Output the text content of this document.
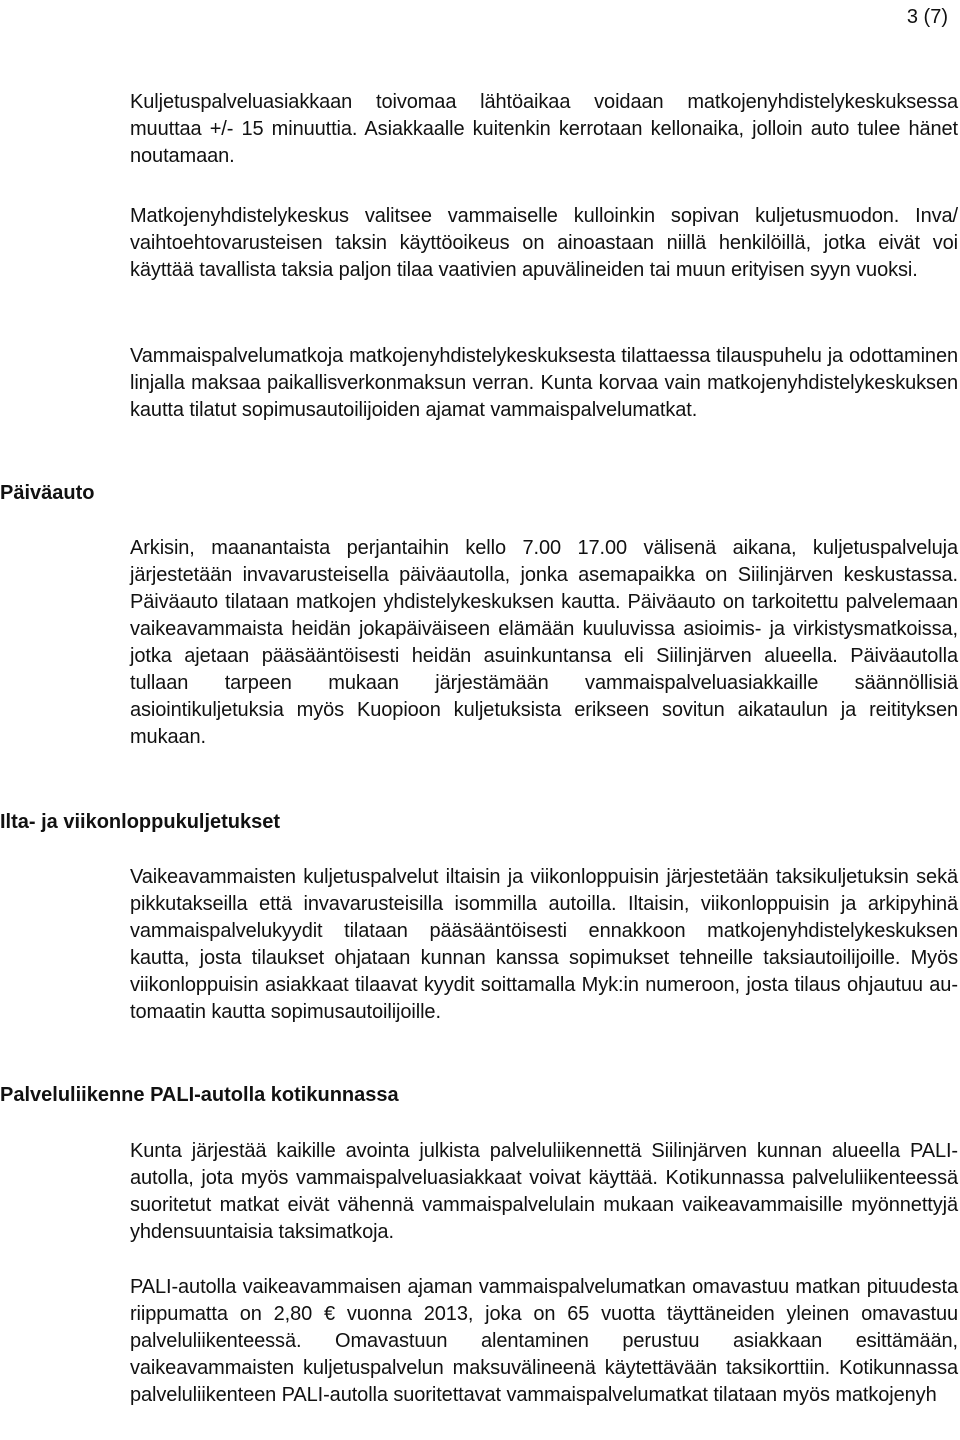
3 (7)

Kuljetuspalveluasiakkaan toivomaa lähtöaikaa voidaan matkojenyhdistelykeskuksessa muuttaa +/- 15 minuuttia. Asiakkaalle kuitenkin kerrotaan kellonaika, jolloin auto tulee hänet noutamaan.

Matkojenyhdistelykeskus valitsee vammaiselle kulloinkin sopivan kuljetusmuodon. Inva/ vaihtoehtovarusteisen taksin käyttöoikeus on ainoastaan niillä henkilöillä, jotka eivät voi käyttää tavallista taksia paljon tilaa vaativien apuvälineiden tai muun erityisen syyn vuoksi.

Vammaispalvelumatkoja matkojenyhdistelykeskuksesta tilattaessa tilauspuhelu ja odottaminen linjalla maksaa paikallisverkonmaksun verran. Kunta korvaa vain matkojenyhdistelykeskuksen kautta tilatut sopimusautoilijoiden ajamat vammaispalvelumatkat.

Päiväauto

Arkisin, maanantaista perjantaihin kello 7.00 17.00 välisenä aikana, kuljetuspalveluja järjestetään invavarusteisella päiväautolla, jonka asemapaikka on Siilinjärven keskustassa. Päiväauto tilataan matkojen yhdistelykeskuksen kautta. Päiväauto on tarkoitettu palvelemaan vaikeavammaista heidän jokapäiväiseen elämään kuuluvissa asioimis- ja virkistysmatkoissa, jotka ajetaan pääsääntöisesti heidän asuinkuntansa eli Siilinjärven alueella. Päiväautolla tullaan tarpeen mukaan järjestämään vammaispalveluasiakkaille säännöllisiä asiointikuljetuksia myös Kuopioon kuljetuksista erikseen sovitun aikataulun ja reitityksen mukaan.

Ilta- ja viikonloppukuljetukset

Vaikeavammaisten kuljetuspalvelut iltaisin ja viikonloppuisin järjestetään taksikuljetuksin sekä pikkutakseilla että invavarusteisilla isommilla autoilla. Iltaisin, viikonloppuisin ja arkipyhinä vammaispalvelukyydit tilataan pääsääntöisesti ennakkoon matkojenyhdistelykeskuksen kautta, josta tilaukset ohjataan kunnan kanssa sopimukset tehneille taksiautoilijoille. Myös viikonloppuisin asiakkaat tilaavat kyydit soittamalla Myk:in numeroon, josta tilaus ohjautuu automaatin kautta sopimusautoilijoille.

Palveluliikenne PALI-autolla kotikunnassa

Kunta järjestää kaikille avointa julkista palveluliikennettä Siilinjärven kunnan alueella PALI-autolla, jota myös vammaispalveluasiakkaat voivat käyttää. Kotikunnassa palveluliikenteessä suoritetut matkat eivät vähennä vammaispalvelulain mukaan vaikeavammaisille myönnettyjä yhdensuuntaisia taksimatkoja.

PALI-autolla vaikeavammaisen ajaman vammaispalvelumatkan omavastuu matkan pituudesta riippumatta on 2,80 € vuonna 2013, joka on 65 vuotta täyttäneiden yleinen omavastuu palveluliikenteessä. Omavastuun alentaminen perustuu asiakkaan esittämään, vaikeavammaisten kuljetuspalvelun maksuvälineenä käytettävään taksikorttiin. Kotikunnassa palveluliikenteen PALI-autolla suoritettavat vammaispalvelumatkat tilataan myös matkojenyh
